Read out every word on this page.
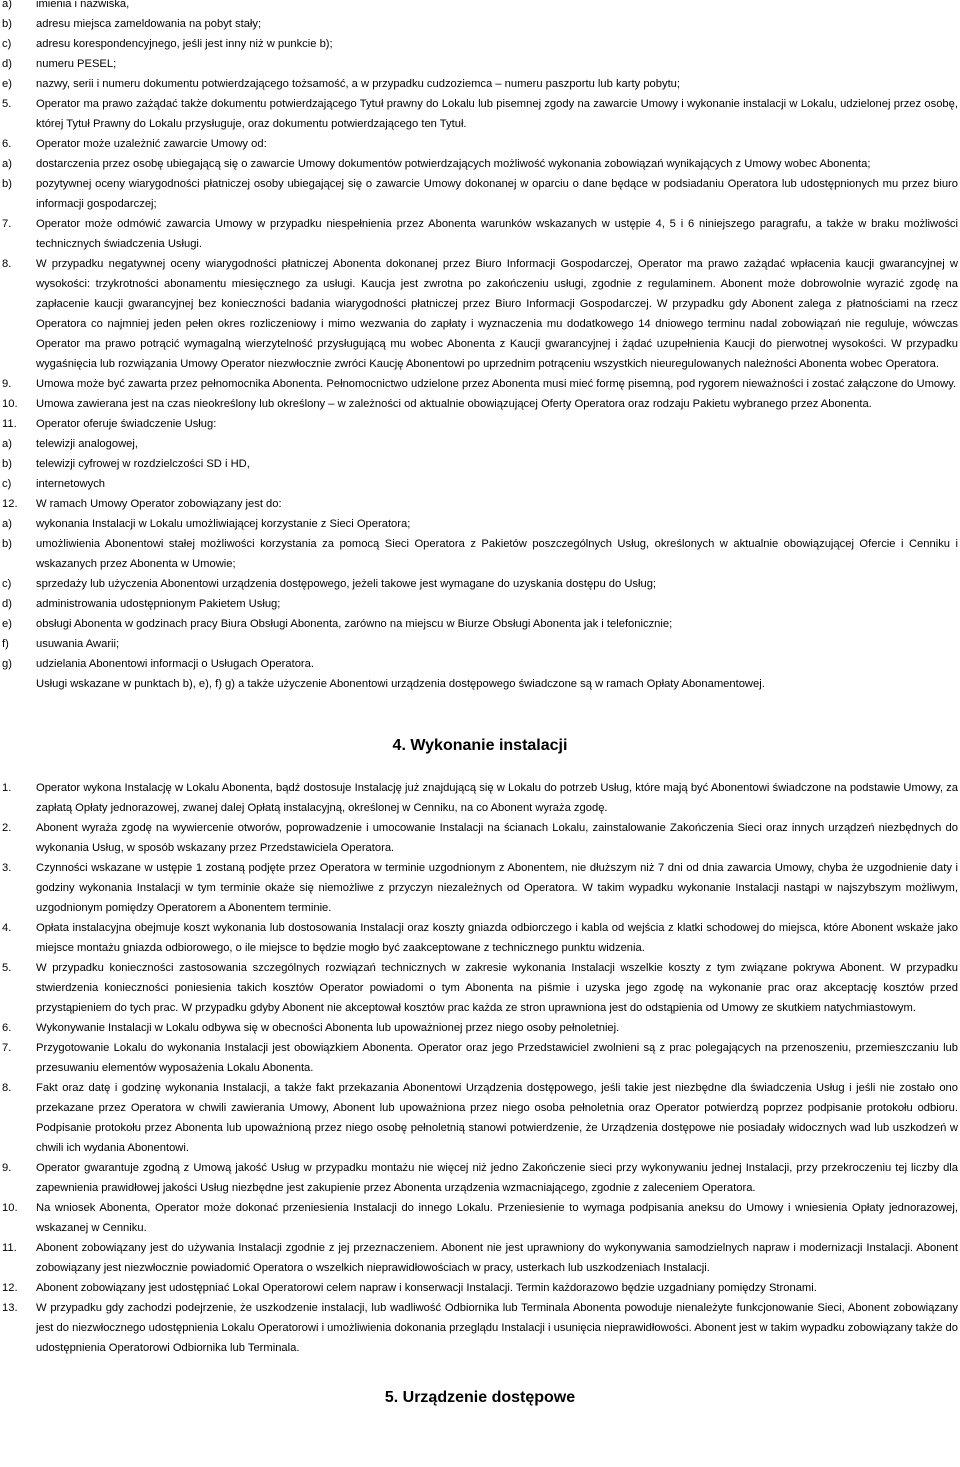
a) imienia i nazwiska,
b) adresu miejsca zameldowania na pobyt stały;
c) adresu korespondencyjnego, jeśli jest inny niż w punkcie b);
d) numeru PESEL;
e) nazwy, serii i numeru dokumentu potwierdzającego tożsamość, a w przypadku cudzoziemca – numeru paszportu lub karty pobytu;
5. Operator ma prawo zażądać także dokumentu potwierdzającego Tytuł prawny do Lokalu lub pisemnej zgody na zawarcie Umowy i wykonanie instalacji w Lokalu, udzielonej przez osobę, której Tytuł Prawny do Lokalu przysługuje, oraz dokumentu potwierdzającego ten Tytuł.
6. Operator może uzależnić zawarcie Umowy od:
a) dostarczenia przez osobę ubiegającą się o zawarcie Umowy dokumentów potwierdzających możliwość wykonania zobowiązań wynikających z Umowy wobec Abonenta;
b) pozytywnej oceny wiarygodności płatniczej osoby ubiegającej się o zawarcie Umowy dokonanej w oparciu o dane będące w podsiadaniu Operatora lub udostępnionych mu przez biuro informacji gospodarczej;
7. Operator może odmówić zawarcia Umowy w przypadku niespełnienia przez Abonenta warunków wskazanych w ustępie 4, 5 i 6 niniejszego paragrafu, a także w braku możliwości technicznych świadczenia Usługi.
8. W przypadku negatywnej oceny wiarygodności płatniczej Abonenta dokonanej przez Biuro Informacji Gospodarczej, Operator ma prawo zażądać wpłacenia kaucji gwarancyjnej w wysokości: trzykrotności abonamentu miesięcznego za usługi. Kaucja jest zwrotna po zakończeniu usługi, zgodnie z regulaminem. Abonent może dobrowolnie wyrazić zgodę na zapłacenie kaucji gwarancyjnej bez konieczności badania wiarygodności płatniczej przez Biuro Informacji Gospodarczej. W przypadku gdy Abonent zalega z płatnościami na rzecz Operatora co najmniej jeden pełen okres rozliczeniowy i mimo wezwania do zapłaty i wyznaczenia mu dodatkowego 14 dniowego terminu nadal zobowiązań nie reguluje, wówczas Operator ma prawo potrącić wymagalną wierzytelność przysługującą mu wobec Abonenta z Kaucji gwarancyjnej i żądać uzupełnienia Kaucji do pierwotnej wysokości. W przypadku wygaśnięcia lub rozwiązania Umowy Operator niezwłocznie zwróci Kaucję Abonentowi po uprzednim potrąceniu wszystkich nieuregulowanych należności Abonenta wobec Operatora.
9. Umowa może być zawarta przez pełnomocnika Abonenta. Pełnomocnictwo udzielone przez Abonenta musi mieć formę pisemną, pod rygorem nieważności i zostać załączone do Umowy.
10. Umowa zawierana jest na czas nieokreślony lub określony – w zależności od aktualnie obowiązującej Oferty Operatora oraz rodzaju Pakietu wybranego przez Abonenta.
11. Operator oferuje świadczenie Usług:
a) telewizji analogowej,
b) telewizji cyfrowej w rozdzielczości SD i HD,
c) internetowych
12. W ramach Umowy Operator zobowiązany jest do:
a) wykonania Instalacji w Lokalu umożliwiającej korzystanie z Sieci Operatora;
b) umożliwienia Abonentowi stałej możliwości korzystania za pomocą Sieci Operatora z Pakietów poszczególnych Usług, określonych w aktualnie obowiązującej Ofercie i Cenniku i wskazanych przez Abonenta w Umowie;
c) sprzedaży lub użyczenia Abonentowi urządzenia dostępowego, jeżeli takowe jest wymagane do uzyskania dostępu do Usług;
d) administrowania udostępnionym Pakietem Usług;
e) obsługi Abonenta w godzinach pracy Biura Obsługi Abonenta, zarówno na miejscu w Biurze Obsługi Abonenta jak i telefonicznie;
f) usuwania Awarii;
g) udzielania Abonentowi informacji o Usługach Operatora.
Usługi wskazane w punktach b), e), f) g) a także użyczenie Abonentowi urządzenia dostępowego świadczone są w ramach Opłaty Abonamentowej.
4. Wykonanie instalacji
1. Operator wykona Instalację w Lokalu Abonenta, bądź dostosuje Instalację już znajdującą się w Lokalu do potrzeb Usług, które mają być Abonentowi świadczone na podstawie Umowy, za zapłatą Opłaty jednorazowej, zwanej dalej Opłatą instalacyjną, określonej w Cenniku, na co Abonent wyraża zgodę.
2. Abonent wyraża zgodę na wywiercenie otworów, poprowadzenie i umocowanie Instalacji na ścianach Lokalu, zainstalowanie Zakończenia Sieci oraz innych urządzeń niezbędnych do wykonania Usług, w sposób wskazany przez Przedstawiciela Operatora.
3. Czynności wskazane w ustępie 1 zostaną podjęte przez Operatora w terminie uzgodnionym z Abonentem, nie dłuższym niż 7 dni od dnia zawarcia Umowy, chyba że uzgodnienie daty i godziny wykonania Instalacji w tym terminie okaże się niemożliwe z przyczyn niezależnych od Operatora. W takim wypadku wykonanie Instalacji nastąpi w najszybszym możliwym, uzgodnionym pomiędzy Operatorem a Abonentem terminie.
4. Opłata instalacyjna obejmuje koszt wykonania lub dostosowania Instalacji oraz koszty gniazda odbiorczego i kabla od wejścia z klatki schodowej do miejsca, które Abonent wskaże jako miejsce montażu gniazda odbiorowego, o ile miejsce to będzie mogło być zaakceptowane z technicznego punktu widzenia.
5. W przypadku konieczności zastosowania szczególnych rozwiązań technicznych w zakresie wykonania Instalacji wszelkie koszty z tym związane pokrywa Abonent. W przypadku stwierdzenia konieczności poniesienia takich kosztów Operator powiadomi o tym Abonenta na piśmie i uzyska jego zgodę na wykonanie prac oraz akceptację kosztów przed przystąpieniem do tych prac. W przypadku gdyby Abonent nie akceptował kosztów prac każda ze stron uprawniona jest do odstąpienia od Umowy ze skutkiem natychmiastowym.
6. Wykonywanie Instalacji w Lokalu odbywa się w obecności Abonenta lub upoważnionej przez niego osoby pełnoletniej.
7. Przygotowanie Lokalu do wykonania Instalacji jest obowiązkiem Abonenta. Operator oraz jego Przedstawiciel zwolnieni są z prac polegających na przenoszeniu, przemieszczaniu lub przesuwaniu elementów wyposażenia Lokalu Abonenta.
8. Fakt oraz datę i godzinę wykonania Instalacji, a także fakt przekazania Abonentowi Urządzenia dostępowego, jeśli takie jest niezbędne dla świadczenia Usług i jeśli nie zostało ono przekazane przez Operatora w chwili zawierania Umowy, Abonent lub upoważniona przez niego osoba pełnoletnia oraz Operator potwierdzą poprzez podpisanie protokołu odbioru. Podpisanie protokołu przez Abonenta lub upoważnioną przez niego osobę pełnoletnią stanowi potwierdzenie, że Urządzenia dostępowe nie posiadały widocznych wad lub uszkodzeń w chwili ich wydania Abonentowi.
9. Operator gwarantuje zgodną z Umową jakość Usług w przypadku montażu nie więcej niż jedno Zakończenie sieci przy wykonywaniu jednej Instalacji, przy przekroczeniu tej liczby dla zapewnienia prawidłowej jakości Usług niezbędne jest zakupienie przez Abonenta urządzenia wzmacniającego, zgodnie z zaleceniem Operatora.
10. Na wniosek Abonenta, Operator może dokonać przeniesienia Instalacji do innego Lokalu. Przeniesienie to wymaga podpisania aneksu do Umowy i wniesienia Opłaty jednorazowej, wskazanej w Cenniku.
11. Abonent zobowiązany jest do używania Instalacji zgodnie z jej przeznaczeniem. Abonent nie jest uprawniony do wykonywania samodzielnych napraw i modernizacji Instalacji. Abonent zobowiązany jest niezwłocznie powiadomić Operatora o wszelkich nieprawidłowościach w pracy, usterkach lub uszkodzeniach Instalacji.
12. Abonent zobowiązany jest udostępniać Lokal Operatorowi celem napraw i konserwacji Instalacji. Termin każdorazowo będzie uzgadniany pomiędzy Stronami.
13. W przypadku gdy zachodzi podejrzenie, że uszkodzenie instalacji, lub wadliwość Odbiornika lub Terminala Abonenta powoduje nienależyte funkcjonowanie Sieci, Abonent zobowiązany jest do niezwłocznego udostępnienia Lokalu Operatorowi i umożliwienia dokonania przeglądu Instalacji i usunięcia nieprawidłowości. Abonent jest w takim wypadku zobowiązany także do udostępnienia Operatorowi Odbiornika lub Terminala.
5. Urządzenie dostępowe
